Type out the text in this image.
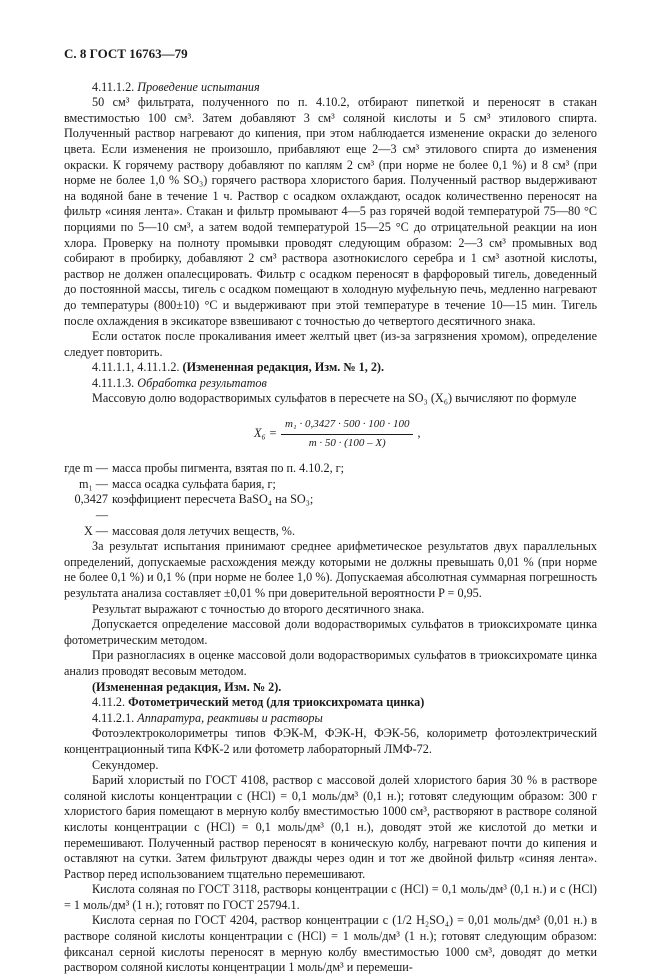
С. 8 ГОСТ 16763—79

4.11.1.2. Проведение испытания

50 см³ фильтрата, полученного по п. 4.10.2, отбирают пипеткой и переносят в стакан вместимостью 100 см³. Затем добавляют 3 см³ соляной кислоты и 5 см³ этилового спирта. Полученный раствор нагревают до кипения, при этом наблюдается изменение окраски до зеленого цвета. Если изменения не произошло, прибавляют еще 2—3 см³ этилового спирта до изменения окраски. К горячему раствору добавляют по каплям 2 см³ (при норме не более 0,1 %) и 8 см³ (при норме не более 1,0 % SO₃) горячего раствора хлористого бария. Полученный раствор выдерживают на водяной бане в течение 1 ч. Раствор с осадком охлаждают, осадок количественно переносят на фильтр «синяя лента». Стакан и фильтр промывают 4—5 раз горячей водой температурой 75—80 °С порциями по 5—10 см³, а затем водой температурой 15—25 °С до отрицательной реакции на ион хлора. Проверку на полноту промывки проводят следующим образом: 2—3 см³ промывных вод собирают в пробирку, добавляют 2 см³ раствора азотнокислого серебра и 1 см³ азотной кислоты, раствор не должен опалесцировать. Фильтр с осадком переносят в фарфоровый тигель, доведенный до постоянной массы, тигель с осадком помещают в холодную муфельную печь, медленно нагревают до температуры (800±10) °С и выдерживают при этой температуре в течение 10—15 мин. Тигель после охлаждения в эксикаторе взвешивают с точностью до четвертого десятичного знака.

Если остаток после прокаливания имеет желтый цвет (из-за загрязнения хромом), определение следует повторить.

4.11.1.1, 4.11.1.2. (Измененная редакция, Изм. № 1, 2).

4.11.1.3. Обработка результатов

Массовую долю водорастворимых сульфатов в пересчете на SO₃ (X₆) вычисляют по формуле

$X_6 = \frac{\text{m₁ · 0,3427 · 500 · 100 · 100}}{m \cdot 50 \cdot (100 - X)}$ ,
где m — масса пробы пигмента, взятая по п. 4.10.2, г;
m₁ — масса осадка сульфата бария, г;
0,3427 —
коэффициент пересчета BaSO₄ на SO₃;
X — массовая доля летучих веществ, %.

За результат испытания принимают среднее арифметическое результатов двух параллельных определений, допускаемые расхождения между которыми не должны превышать 0,01 % (при норме не более 0,1 %) и 0,1 % (при норме не более 1,0 %). Допускаемая абсолютная суммарная погрешность результата анализа составляет ±0,01 % при доверительной вероятности P = 0,95.

Результат выражают с точностью до второго десятичного знака.

Допускается определение массовой доли водорастворимых сульфатов в триоксихромате цинка фотометрическим методом.

При разногласиях в оценке массовой доли водорастворимых сульфатов в триоксихромате цинка анализ проводят весовым методом.

(Измененная редакция, Изм. № 2).

4.11.2. Фотометрический метод (для триоксихромата цинка)

4.11.2.1. Аппаратура, реактивы и растворы

Фотоэлектроколориметры типов ФЭК-М, ФЭК-Н, ФЭК-56, колориметр фотоэлектрический концентрационный типа КФК-2 или фотометр лабораторный ЛМФ-72.

Секундомер.

Барий хлористый по ГОСТ 4108, раствор с массовой долей хлористого бария 30 % в растворе соляной кислоты концентрации c (HCl) = 0,1 моль/дм³ (0,1 н.); готовят следующим образом: 300 г хлористого бария помещают в мерную колбу вместимостью 1000 см³, растворяют в растворе соляной кислоты концентрации c (HCl) = 0,1 моль/дм³ (0,1 н.), доводят этой же кислотой до метки и перемешивают. Полученный раствор переносят в коническую колбу, нагревают почти до кипения и оставляют на сутки. Затем фильтруют дважды через один и тот же двойной фильтр «синяя лента». Раствор перед использованием тщательно перемешивают.

Кислота соляная по ГОСТ 3118, растворы концентрации c (HCl) = 0,1 моль/дм³ (0,1 н.) и c (HCl) = 1 моль/дм³ (1 н.); готовят по ГОСТ 25794.1.

Кислота серная по ГОСТ 4204, раствор концентрации c (1/2 H₂SO₄) = 0,01 моль/дм³ (0,01 н.) в растворе соляной кислоты концентрации c (HCl) = 1 моль/дм³ (1 н.); готовят следующим образом: фиксанал серной кислоты переносят в мерную колбу вместимостью 1000 см³, доводят до метки раствором соляной кислоты концентрации 1 моль/дм³ и перемеши-
